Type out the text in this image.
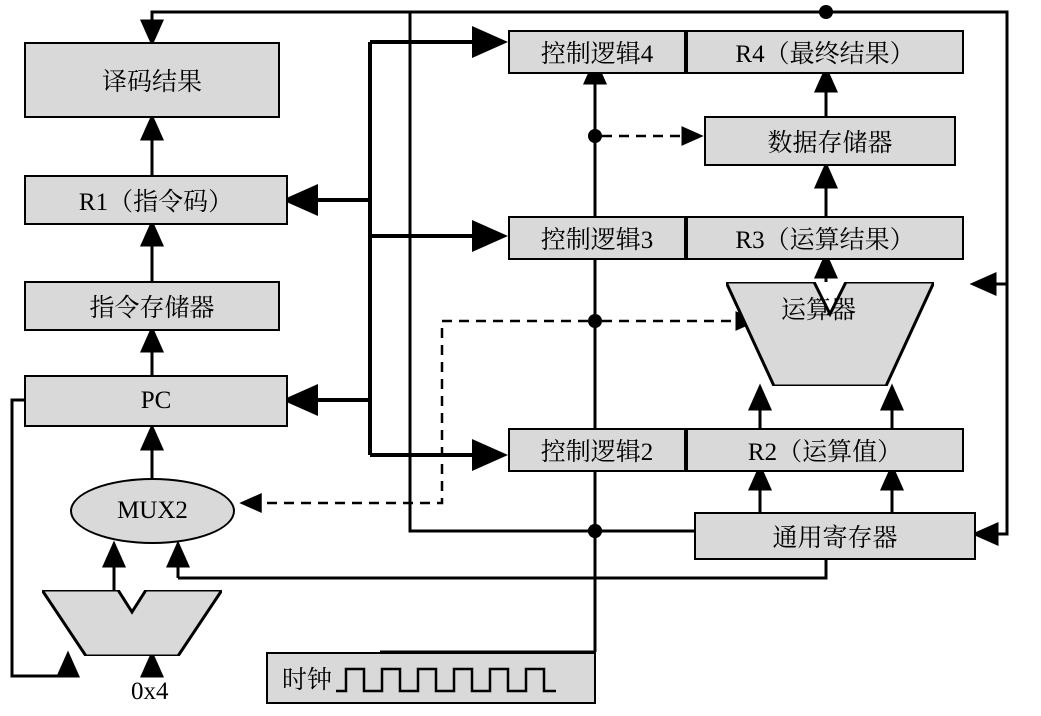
译码结果
R1（指令码）
指令存储器
PC
MUX2
0x4	时钟
控制逻辑4	R4（最终结果）
数据存储器
控制逻辑3	R3（运算结果）
运算器
控制逻辑2	R2（运算值）
通用寄存器
